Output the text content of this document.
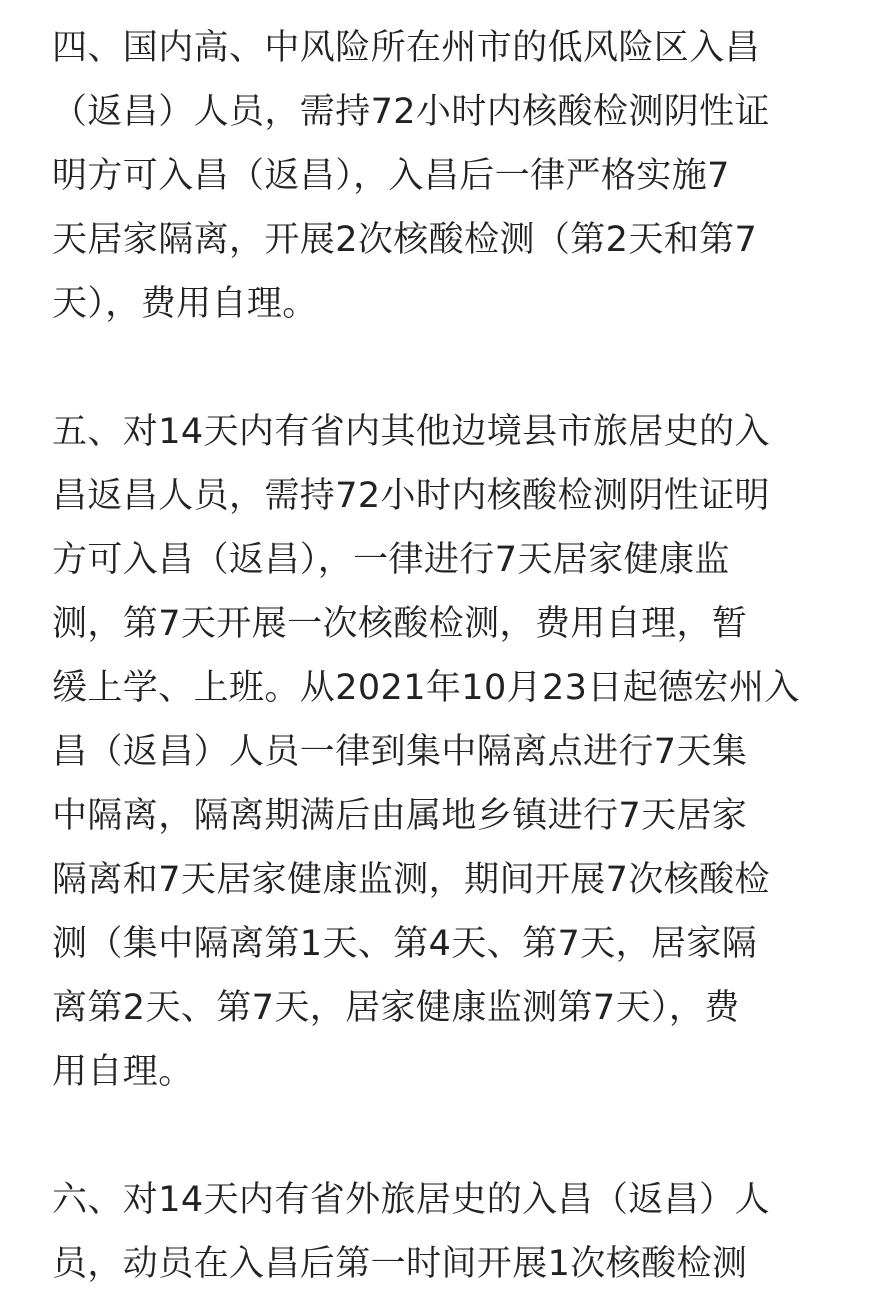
四、国内高、中风险所在州市的低风险区入昌
（返昌）人员，需持72小时内核酸检测阴性证
明方可入昌（返昌），入昌后一律严格实施7
天居家隔离，开展2次核酸检测（第2天和第7
天），费用自理。
五、对14天内有省内其他边境县市旅居史的入
昌返昌人员，需持72小时内核酸检测阴性证明
方可入昌（返昌），一律进行7天居家健康监
测，第7天开展一次核酸检测，费用自理，暂
缓上学、上班。从2021年10月23日起德宏州入
昌（返昌）人员一律到集中隔离点进行7天集
中隔离，隔离期满后由属地乡镇进行7天居家
隔离和7天居家健康监测，期间开展7次核酸检
测（集中隔离第1天、第4天、第7天，居家隔
离第2天、第7天，居家健康监测第7天），费
用自理。
六、对14天内有省外旅居史的入昌（返昌）人
员，动员在入昌后第一时间开展1次核酸检测
